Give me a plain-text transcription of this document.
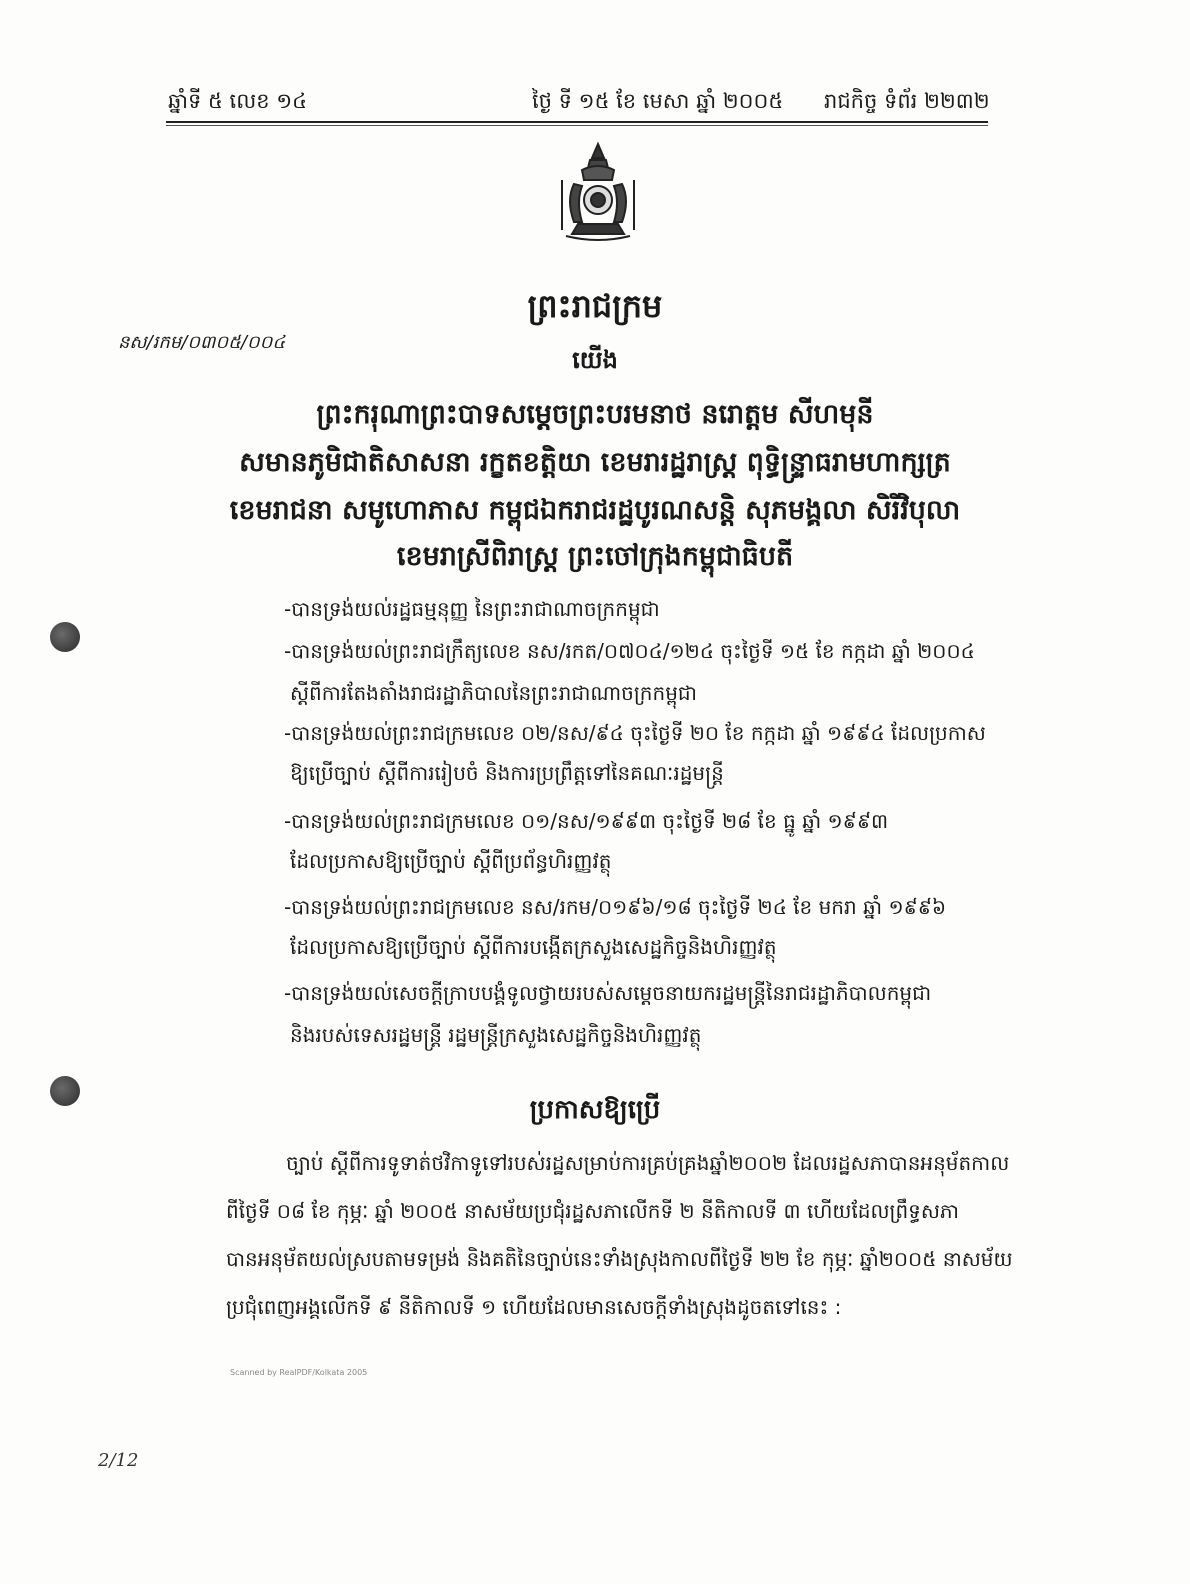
ឆ្នាំទី ៥ លេខ ១៤	ថ្ងៃ ទី ១៥ ខែ មេសា ឆ្នាំ ២០០៥ រាជកិច្ច ទំព័រ ២២៣២
ព្រះរាជក្រម
នស/រកម/០៣០៥/០០៤
យើង
ព្រះករុណាព្រះបាទសម្តេចព្រះបរមនាថ នរោត្តម សីហមុនី
សមានភូមិជាតិសាសនា រក្ខតខត្តិយា ខេមរារដ្ឋរាស្ត្រ ពុទ្ធិន្ទ្រាធរាមហាក្សត្រ
ខេមរាជនា សមូហោភាស កម្ពុជឯករាជរដ្ឋបូរណសន្តិ សុភមង្គលា សិរីវិបុលា
ខេមរាស្រីពិរាស្ត្រ ព្រះចៅក្រុងកម្ពុជាធិបតី
-បានទ្រង់យល់រដ្ឋធម្មនុញ្ញ នៃព្រះរាជាណាចក្រកម្ពុជា
-បានទ្រង់យល់ព្រះរាជក្រឹត្យលេខ នស/រកត/០៧០៤/១២៤ ចុះថ្ងៃទី ១៥ ខែ កក្កដា ឆ្នាំ ២០០៤
ស្តីពីការតែងតាំងរាជរដ្ឋាភិបាលនៃព្រះរាជាណាចក្រកម្ពុជា
-បានទ្រង់យល់ព្រះរាជក្រមលេខ ០២/នស/៩៤ ចុះថ្ងៃទី ២០ ខែ កក្កដា ឆ្នាំ ១៩៩៤ ដែលប្រកាស
ឱ្យប្រើច្បាប់ ស្តីពីការរៀបចំ និងការប្រព្រឹត្តទៅនៃគណៈរដ្ឋមន្ត្រី
-បានទ្រង់យល់ព្រះរាជក្រមលេខ ០១/នស/១៩៩៣ ចុះថ្ងៃទី ២៨ ខែ ធ្នូ ឆ្នាំ ១៩៩៣
ដែលប្រកាសឱ្យប្រើច្បាប់ ស្តីពីប្រព័ន្ធហិរញ្ញវត្ថុ
-បានទ្រង់យល់ព្រះរាជក្រមលេខ នស/រកម/០១៩៦/១៨ ចុះថ្ងៃទី ២៤ ខែ មករា ឆ្នាំ ១៩៩៦
ដែលប្រកាសឱ្យប្រើច្បាប់ ស្តីពីការបង្កើតក្រសួងសេដ្ឋកិច្ចនិងហិរញ្ញវត្ថុ
-បានទ្រង់យល់សេចក្តីក្រាបបង្គំទូលថ្វាយរបស់សម្តេចនាយករដ្ឋមន្ត្រីនៃរាជរដ្ឋាភិបាលកម្ពុជា
និងរបស់ទេសរដ្ឋមន្ត្រី រដ្ឋមន្ត្រីក្រសួងសេដ្ឋកិច្ចនិងហិរញ្ញវត្ថុ
ប្រកាសឱ្យប្រើ
ច្បាប់ ស្តីពីការទូទាត់ថវិកាទូទៅរបស់រដ្ឋសម្រាប់ការគ្រប់គ្រងឆ្នាំ២០០២ ដែលរដ្ឋសភាបានអនុម័តកាល
ពីថ្ងៃទី ០៨ ខែ កុម្ភៈ ឆ្នាំ ២០០៥ នាសម័យប្រជុំរដ្ឋសភាលើកទី ២ នីតិកាលទី ៣ ហើយដែលព្រឹទ្ធសភា
បានអនុម័តយល់ស្របតាមទម្រង់ និងគតិនៃច្បាប់នេះទាំងស្រុងកាលពីថ្ងៃទី ២២ ខែ កុម្ភៈ ឆ្នាំ២០០៥ នាសម័យ
ប្រជុំពេញអង្គលើកទី ៩ នីតិកាលទី ១ ហើយដែលមានសេចក្តីទាំងស្រុងដូចតទៅនេះ :
Scanned by RealPDF/Kolkata 2005
2/12
